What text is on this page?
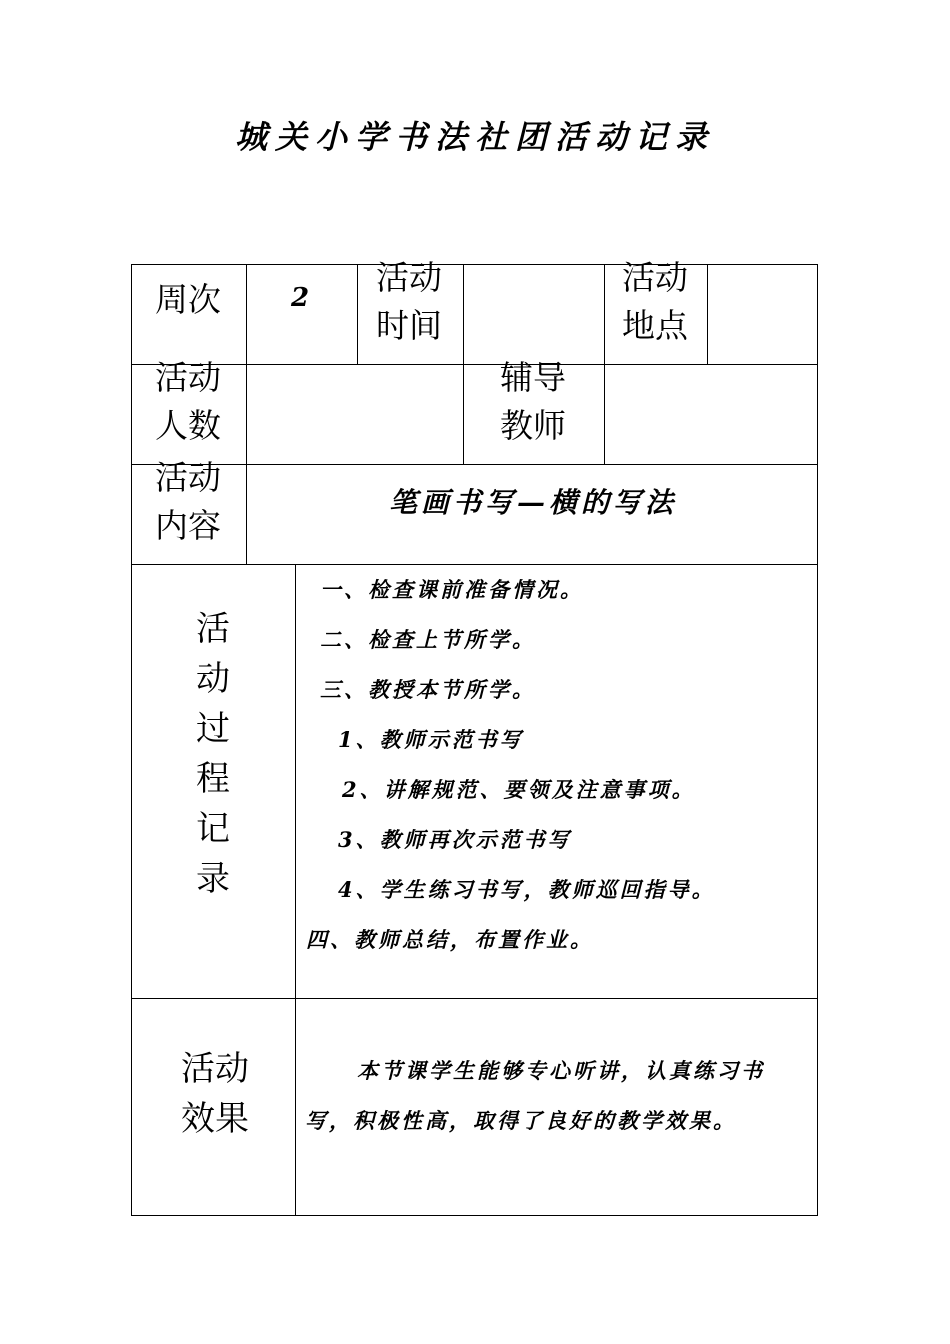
城关小学书法社团活动记录
周次	2
活动
时间
活动
地点
活动
人数
辅导
教师
活动
内容
笔画书写—横的写法
活
动
过
程
记
录
一、检查课前准备情况。
二、检查上节所学。
三、教授本节所学。
1、教师示范书写
2、讲解规范、要领及注意事项。
3、教师再次示范书写
4、学生练习书写，教师巡回指导。
四、教师总结，布置作业。
活动
效果
本节课学生能够专心听讲，认真练习书写，积极性高，取得了良好的教学效果。
